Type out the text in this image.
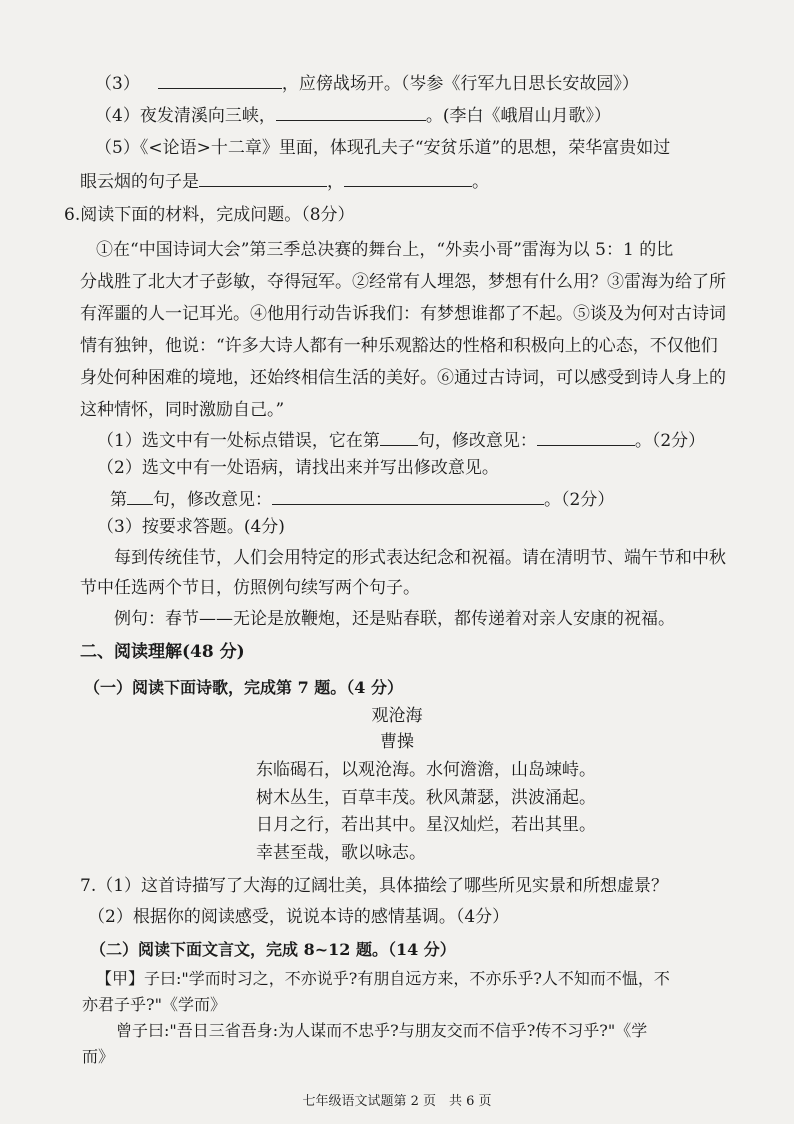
（3）	，应傍战场开。（岑参《行军九日思长安故园》）
（4）夜发清溪向三峡，	。(李白《峨眉山月歌》）
（5）《<论语>十二章》里面，体现孔夫子“安贫乐道”的思想，荣华富贵如过
眼云烟的句子是	，	。
6.阅读下面的材料，完成问题。（8分）
①在“中国诗词大会”第三季总决赛的舞台上，“外卖小哥”雷海为以 5：1 的比
分战胜了北大才子彭敏，夺得冠军。②经常有人埋怨，梦想有什么用？③雷海为给了所
有浑噩的人一记耳光。④他用行动告诉我们：有梦想谁都了不起。⑤谈及为何对古诗词
情有独钟，他说：“许多大诗人都有一种乐观豁达的性格和积极向上的心态，不仅他们
身处何种困难的境地，还始终相信生活的美好。⑥通过古诗词，可以感受到诗人身上的
这种情怀，同时激励自己。”
（1）选文中有一处标点错误，它在第 句，修改意见：	。（2分）
（2）选文中有一处语病，请找出来并写出修改意见。
第 句，修改意见：	。（2分）
（3）按要求答题。(4分)
每到传统佳节，人们会用特定的形式表达纪念和祝福。请在清明节、端午节和中秋
节中任选两个节日，仿照例句续写两个句子。
例句：春节——无论是放鞭炮，还是贴春联，都传递着对亲人安康的祝福。
二、阅读理解(48 分)
（一）阅读下面诗歌，完成第 7 题。（4 分）
观沧海
曹操
东临碣石，以观沧海。水何澹澹，山岛竦峙。
树木丛生，百草丰茂。秋风萧瑟，洪波涌起。
日月之行，若出其中。星汉灿烂，若出其里。
幸甚至哉，歌以咏志。
7.（1）这首诗描写了大海的辽阔壮美，具体描绘了哪些所见实景和所想虚景？
（2）根据你的阅读感受，说说本诗的感情基调。（4分）
（二）阅读下面文言文，完成 8~12 题。（14 分）
【甲】子曰:"学而时习之，不亦说乎?有朋自远方来，不亦乐乎?人不知而不愠，不
亦君子乎?"《学而》
曾子曰:"吾日三省吾身:为人谋而不忠乎?与朋友交而不信乎?传不习乎?"《学
而》
七年级语文试题第 2 页　共 6 页
